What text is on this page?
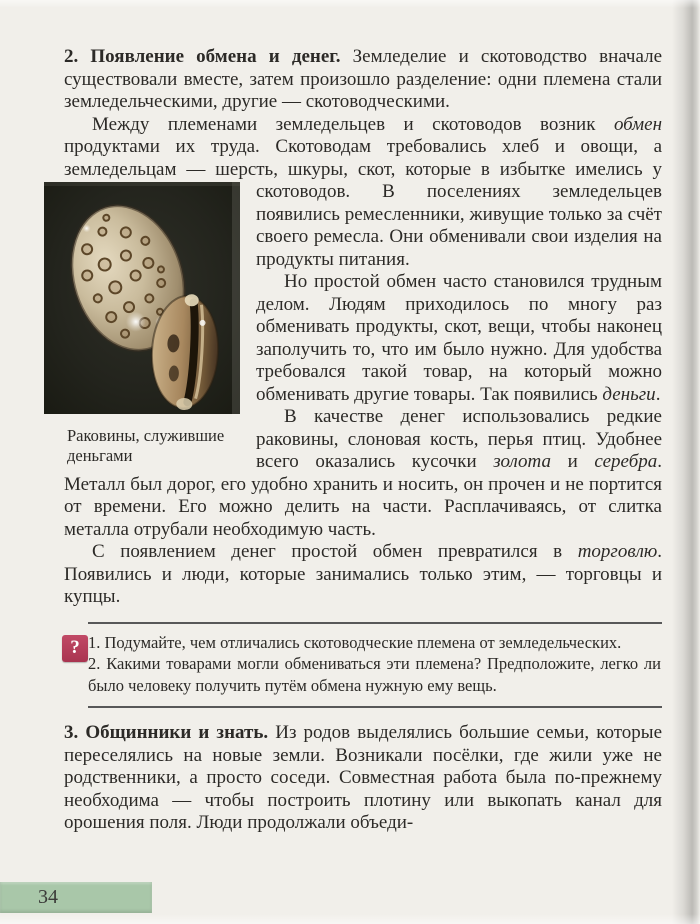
2. Появление обмена и денег. Земледелие и скотоводство вначале существовали вместе, затем произошло разделение: одни племена стали земледельческими, другие — скотоводческими.

Раковины, служившие деньгами
Между племенами земледельцев и скотоводов возник обмен продуктами их труда. Скотоводам требовались хлеб и овощи, а земледельцам — шерсть, шкуры, скот, которые в избытке имелись у скотоводов. В поселениях земледельцев появились ремесленники, живущие только за счёт своего ремесла. Они обменивали свои изделия на продукты питания.

Но простой обмен часто становился трудным делом. Людям приходилось по многу раз обменивать продукты, скот, вещи, чтобы наконец заполучить то, что им было нужно. Для удобства требовался такой товар, на который можно обменивать другие товары. Так появились деньги.

В качестве денег использовались редкие раковины, слоновая кость, перья птиц. Удобнее всего оказались кусочки золота и серебра. Металл был дорог, его удобно хранить и носить, он прочен и не портится от времени. Его можно делить на части. Расплачиваясь, от слитка металла отрубали необходимую часть.

С появлением денег простой обмен превратился в торговлю. Появились и люди, которые занимались только этим, — торговцы и купцы.

? 1. Подумайте, чем отличались скотоводческие племена от земледельческих.

2. Какими товарами могли обмениваться эти племена? Предположите, легко ли было человеку получить путём обмена нужную ему вещь.

3. Общинники и знать. Из родов выделялись большие семьи, которые переселялись на новые земли. Возникали посёлки, где жили уже не родственники, а просто соседи. Совместная работа была по-прежнему необходима — чтобы построить плотину или выкопать канал для орошения поля. Люди продолжали объеди-

34
